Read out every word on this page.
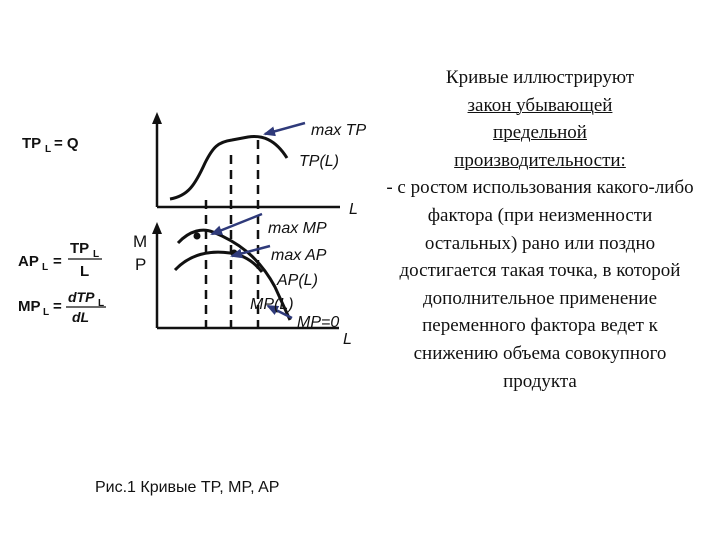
TP L = Q
AP L =
TP L
L
MP L =
dTP L
dL
M
P
L
L
max TP
TP(L)
max MP
max AP
AP(L)
MP(L)
MP=0
Кривые иллюстрируют
закон убывающей
предельной
производительности:
- с ростом использования какого-либо фактора (при неизменности остальных) рано или поздно достигается такая точка, в которой дополнительное применение переменного фактора ведет к снижению объема совокупного продукта
Рис.1 Кривые TP, MP, AP
